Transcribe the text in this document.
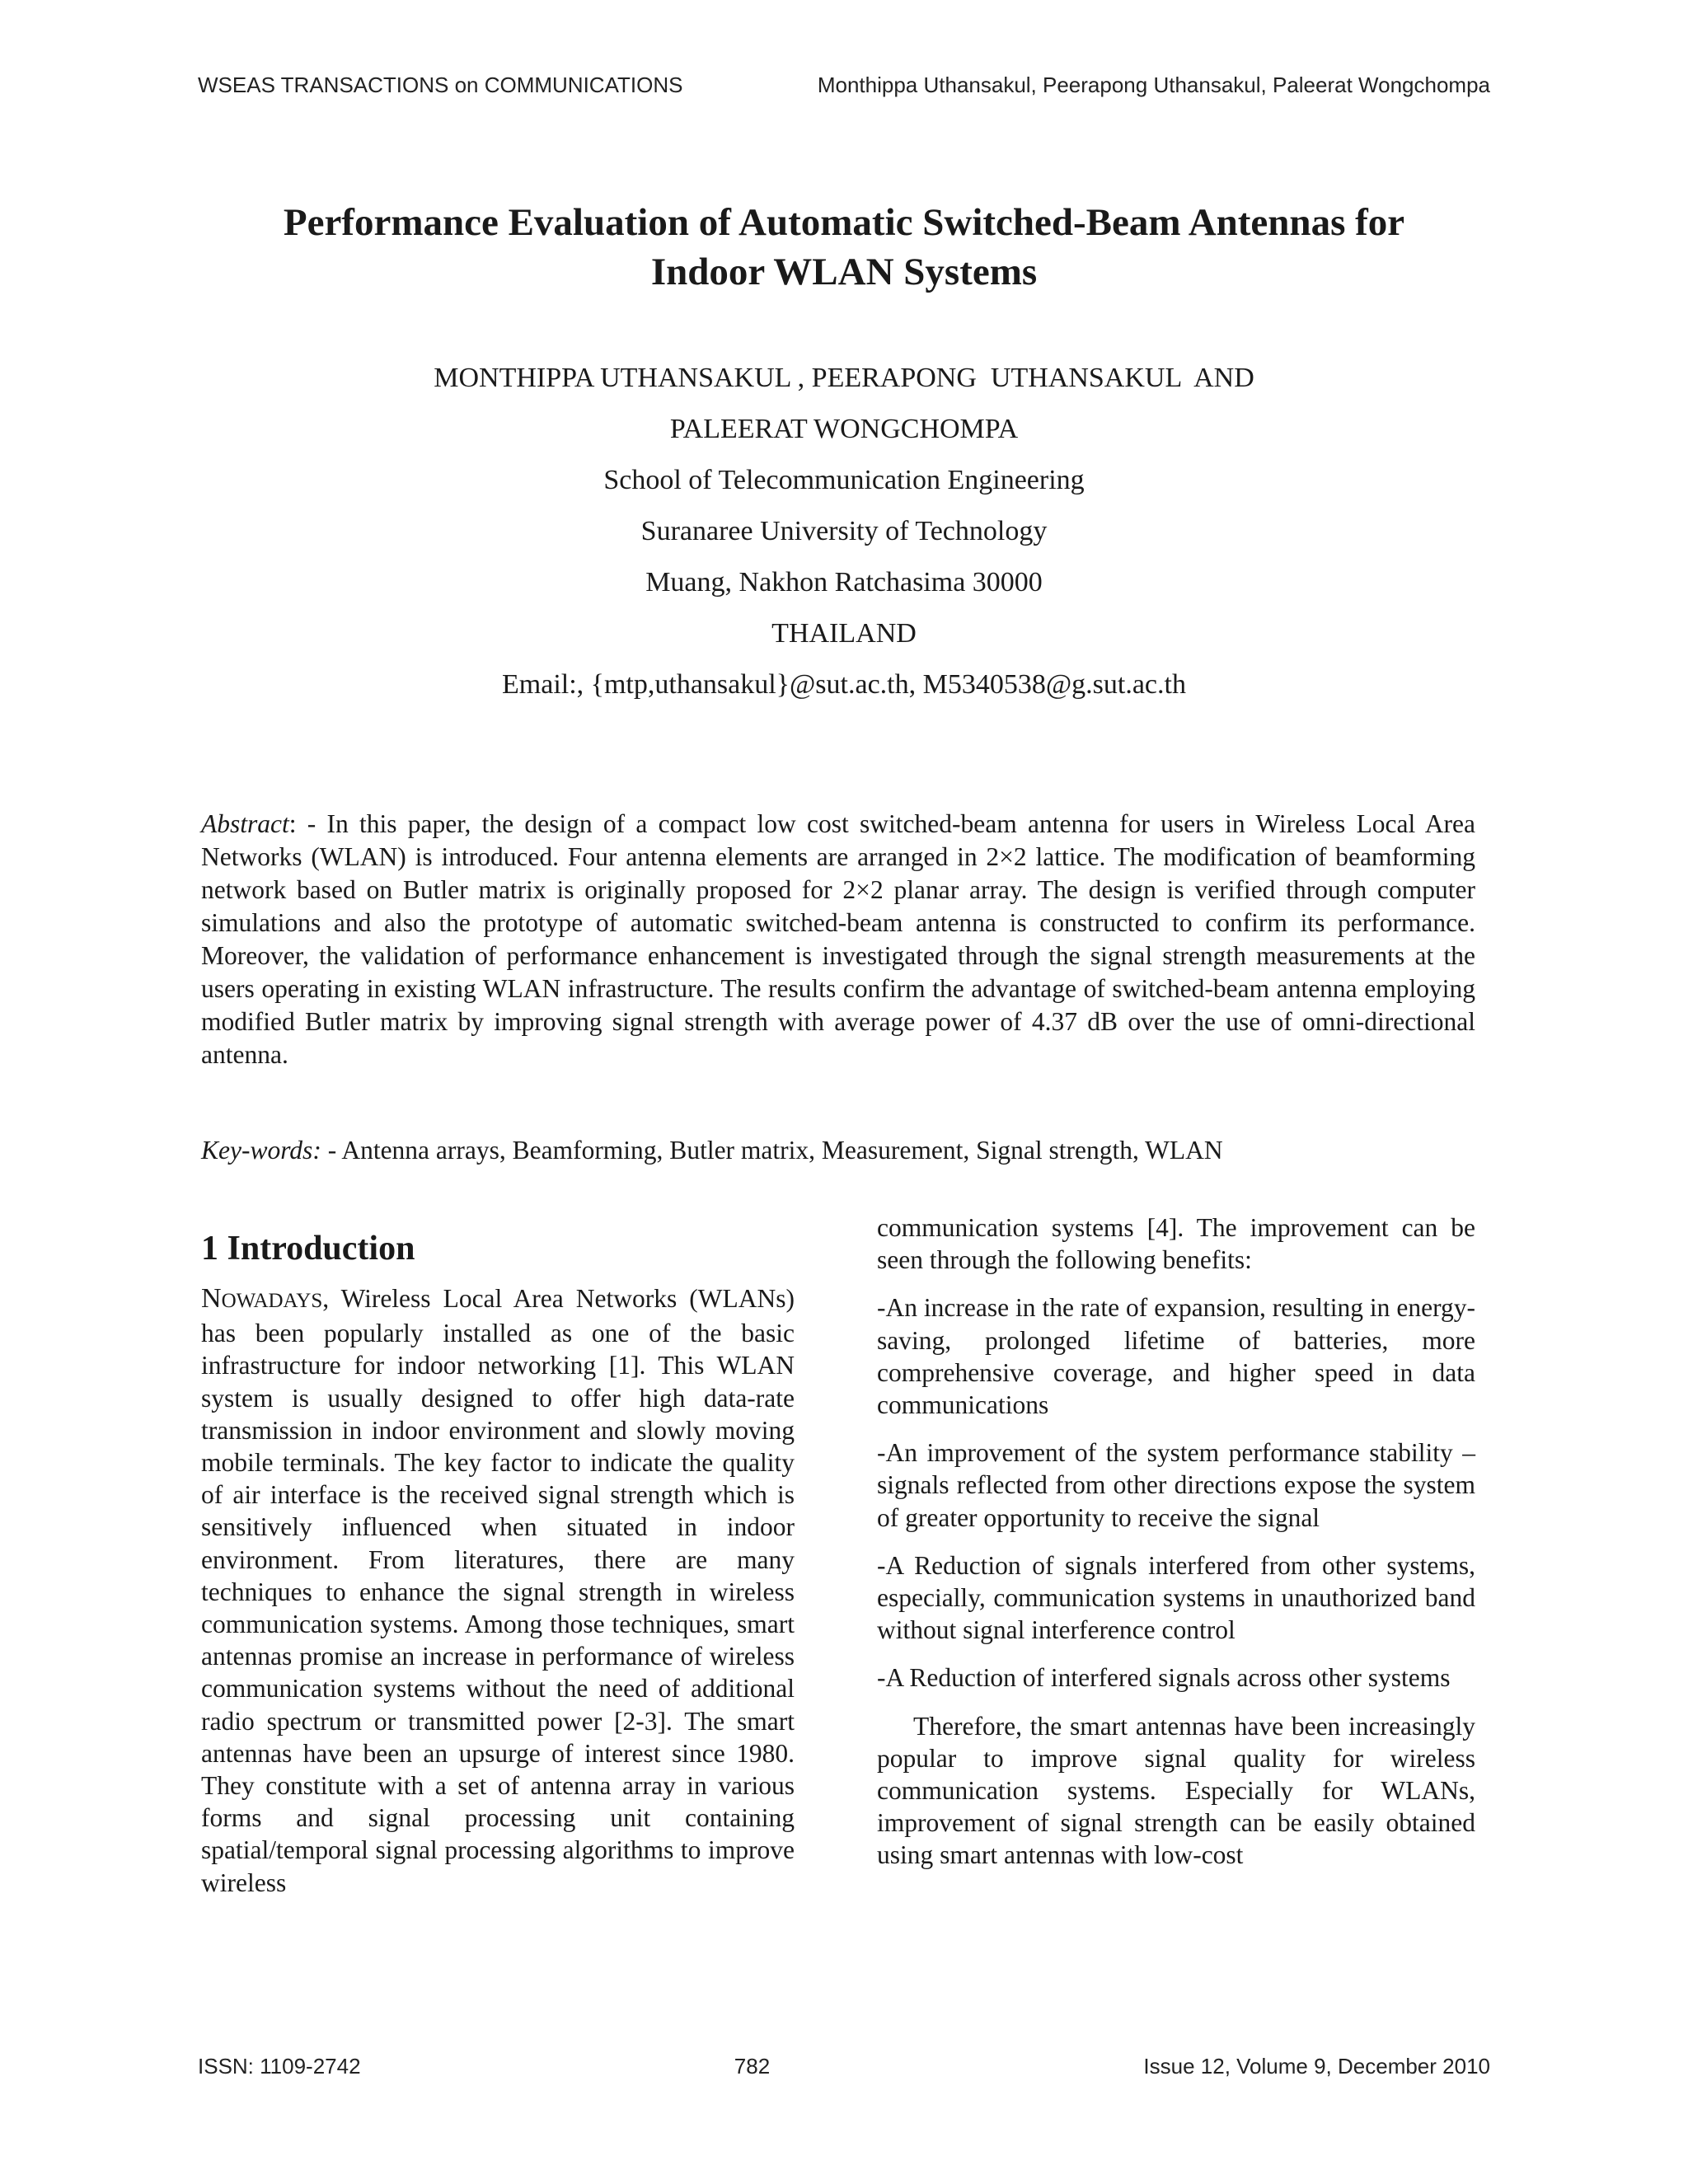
WSEAS TRANSACTIONS on COMMUNICATIONS	Monthippa Uthansakul, Peerapong Uthansakul, Paleerat Wongchompa
Performance Evaluation of Automatic Switched-Beam Antennas for
Indoor WLAN Systems
MONTHIPPA UTHANSAKUL , PEERAPONG  UTHANSAKUL  AND
PALEERAT WONGCHOMPA
School of Telecommunication Engineering
Suranaree University of Technology
Muang, Nakhon Ratchasima 30000
THAILAND
Email:, {mtp,uthansakul}@sut.ac.th, M5340538@g.sut.ac.th
Abstract: - In this paper, the design of a compact low cost switched-beam antenna for users in Wireless Local Area Networks (WLAN) is introduced. Four antenna elements are arranged in 2×2 lattice. The modification of beamforming network based on Butler matrix is originally proposed for 2×2 planar array. The design is verified through computer simulations and also the prototype of automatic switched-beam antenna is constructed to confirm its performance. Moreover, the validation of performance enhancement is investigated through the signal strength measurements at the users operating in existing WLAN infrastructure. The results confirm the advantage of switched-beam antenna employing modified Butler matrix by improving signal strength with average power of 4.37 dB over the use of omni-directional antenna.
Key-words: - Antenna arrays, Beamforming, Butler matrix, Measurement, Signal strength, WLAN
1 Introduction

NOWADAYS, Wireless Local Area Networks (WLANs) has been popularly installed as one of the basic infrastructure for indoor networking [1]. This WLAN system is usually designed to offer high data-rate transmission in indoor environment and slowly moving mobile terminals. The key factor to indicate the quality of air interface is the received signal strength which is sensitively influenced when situated in indoor environment. From literatures, there are many techniques to enhance the signal strength in wireless communication systems. Among those techniques, smart antennas promise an increase in performance of wireless communication systems without the need of additional radio spectrum or transmitted power [2-3]. The smart antennas have been an upsurge of interest since 1980. They constitute with a set of antenna array in various forms and signal processing unit containing spatial/temporal signal processing algorithms to improve wireless

communication systems [4]. The improvement can be seen through the following benefits:

-An increase in the rate of expansion, resulting in energy-saving, prolonged lifetime of batteries, more comprehensive coverage, and higher speed in data communications

-An improvement of the system performance stability – signals reflected from other directions expose the system of greater opportunity to receive the signal

-A Reduction of signals interfered from other systems, especially, communication systems in unauthorized band without signal interference control

-A Reduction of interfered signals across other systems

Therefore, the smart antennas have been increasingly popular to improve signal quality for wireless communication systems. Especially for WLANs, improvement of signal strength can be easily obtained using smart antennas with low-cost

ISSN: 1109-2742	782	Issue 12, Volume 9, December 2010
